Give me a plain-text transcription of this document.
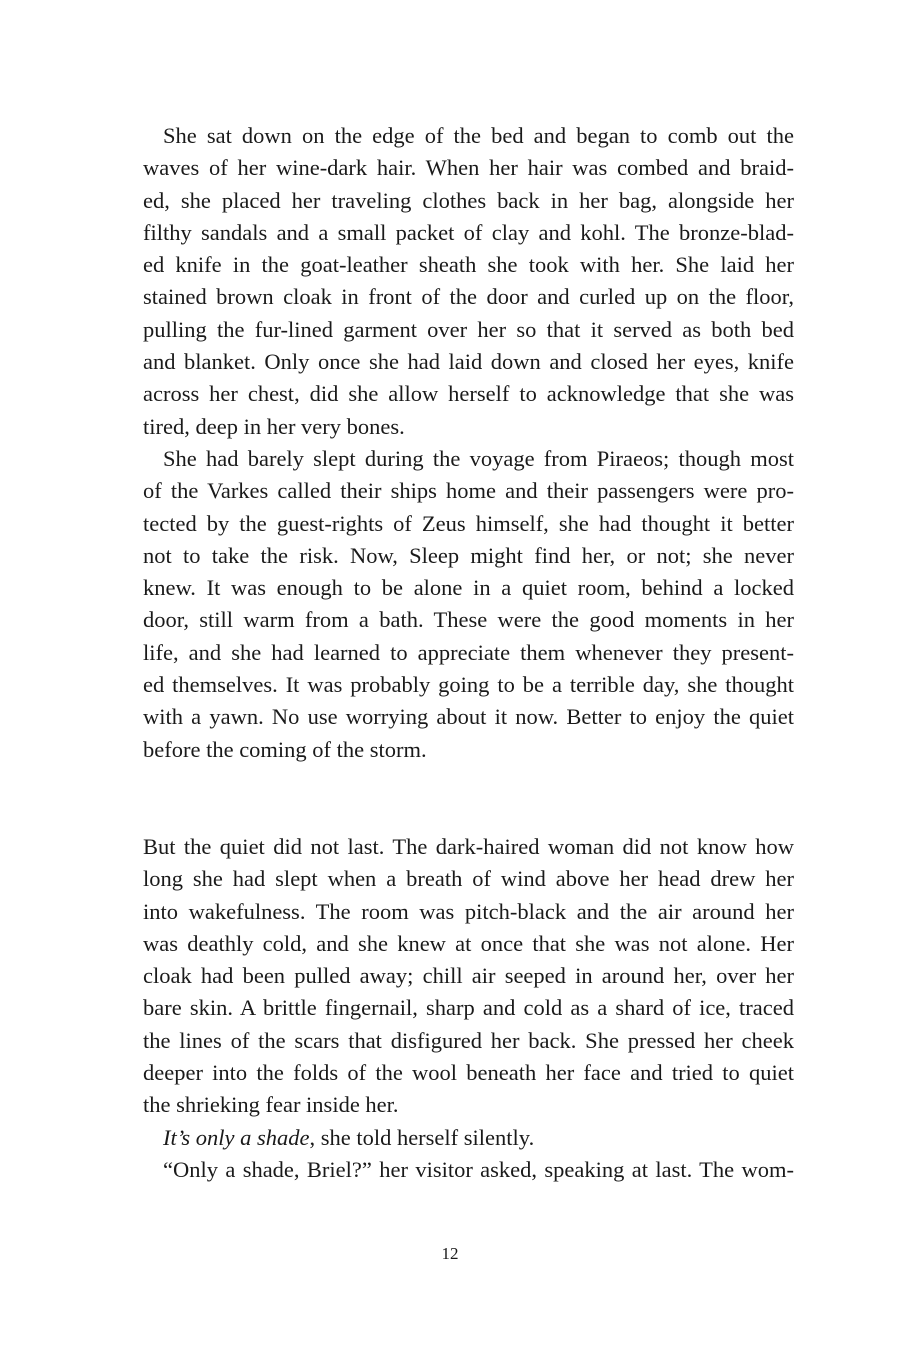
She sat down on the edge of the bed and began to comb out the
waves of her wine-dark hair. When her hair was combed and braid-
ed, she placed her traveling clothes back in her bag, alongside her
filthy sandals and a small packet of clay and kohl. The bronze-blad-
ed knife in the goat-leather sheath she took with her. She laid her
stained brown cloak in front of the door and curled up on the floor,
pulling the fur-lined garment over her so that it served as both bed
and blanket. Only once she had laid down and closed her eyes, knife
across her chest, did she allow herself to acknowledge that she was
tired, deep in her very bones.
She had barely slept during the voyage from Piraeos; though most
of the Varkes called their ships home and their passengers were pro-
tected by the guest-rights of Zeus himself, she had thought it better
not to take the risk. Now, Sleep might find her, or not; she never
knew. It was enough to be alone in a quiet room, behind a locked
door, still warm from a bath. These were the good moments in her
life, and she had learned to appreciate them whenever they present-
ed themselves. It was probably going to be a terrible day, she thought
with a yawn. No use worrying about it now. Better to enjoy the quiet
before the coming of the storm.
But the quiet did not last. The dark-haired woman did not know how
long she had slept when a breath of wind above her head drew her
into wakefulness. The room was pitch-black and the air around her
was deathly cold, and she knew at once that she was not alone. Her
cloak had been pulled away; chill air seeped in around her, over her
bare skin. A brittle fingernail, sharp and cold as a shard of ice, traced
the lines of the scars that disfigured her back. She pressed her cheek
deeper into the folds of the wool beneath her face and tried to quiet
the shrieking fear inside her.
It’s only a shade, she told herself silently.
“Only a shade, Briel?” her visitor asked, speaking at last. The wom-
12
